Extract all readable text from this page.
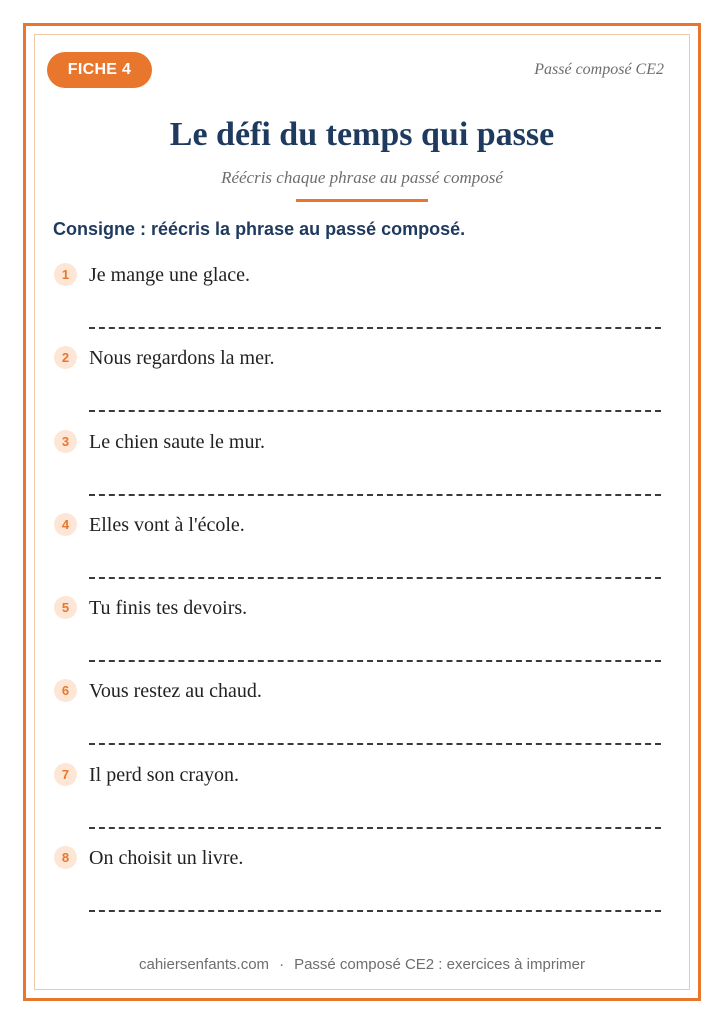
FICHE 4	Passé composé CE2
Le défi du temps qui passe
Réécris chaque phrase au passé composé
Consigne : réécris la phrase au passé composé.
1 Je mange une glace.
2 Nous regardons la mer.
3 Le chien saute le mur.
4 Elles vont à l'école.
5 Tu finis tes devoirs.
6 Vous restez au chaud.
7 Il perd son crayon.
8 On choisit un livre.
cahiersenfants.com · Passé composé CE2 : exercices à imprimer
